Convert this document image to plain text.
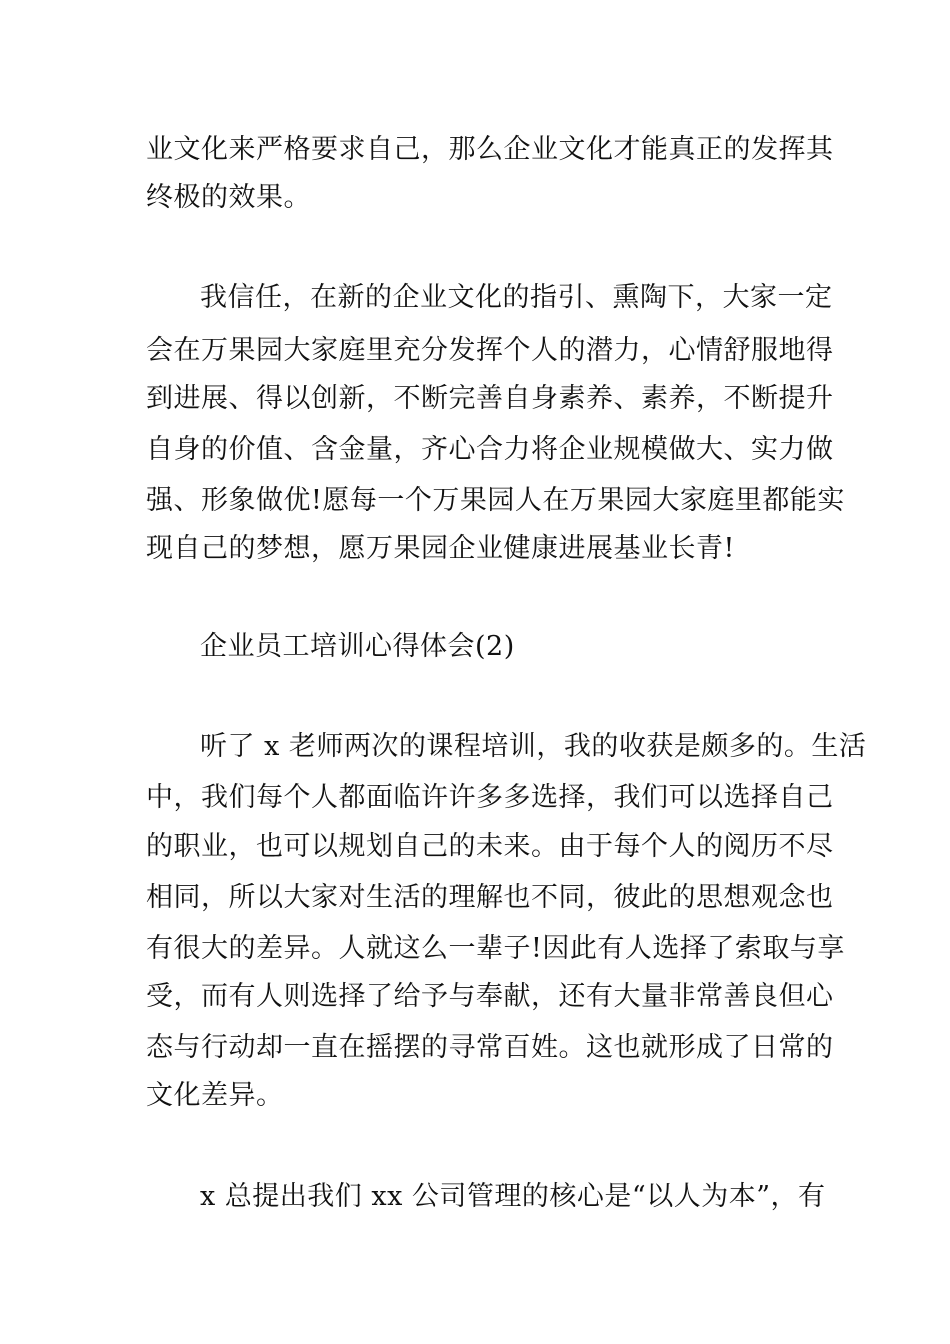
业文化来严格要求自己，那么企业文化才能真正的发挥其
终极的效果。
我信任，在新的企业文化的指引、熏陶下，大家一定
会在万果园大家庭里充分发挥个人的潜力，心情舒服地得
到进展、得以创新，不断完善自身素养、素养，不断提升
自身的价值、含金量，齐心合力将企业规模做大、实力做
强、形象做优!愿每一个万果园人在万果园大家庭里都能实
现自己的梦想，愿万果园企业健康进展基业长青!
企业员工培训心得体会(2)
听了 x 老师两次的课程培训，我的收获是颇多的。生活
中，我们每个人都面临许许多多选择，我们可以选择自己
的职业，也可以规划自己的未来。由于每个人的阅历不尽
相同，所以大家对生活的理解也不同，彼此的思想观念也
有很大的差异。人就这么一辈子!因此有人选择了索取与享
受，而有人则选择了给予与奉献，还有大量非常善良但心
态与行动却一直在摇摆的寻常百姓。这也就形成了日常的
文化差异。
x 总提出我们 xx 公司管理的核心是“以人为本”，有
